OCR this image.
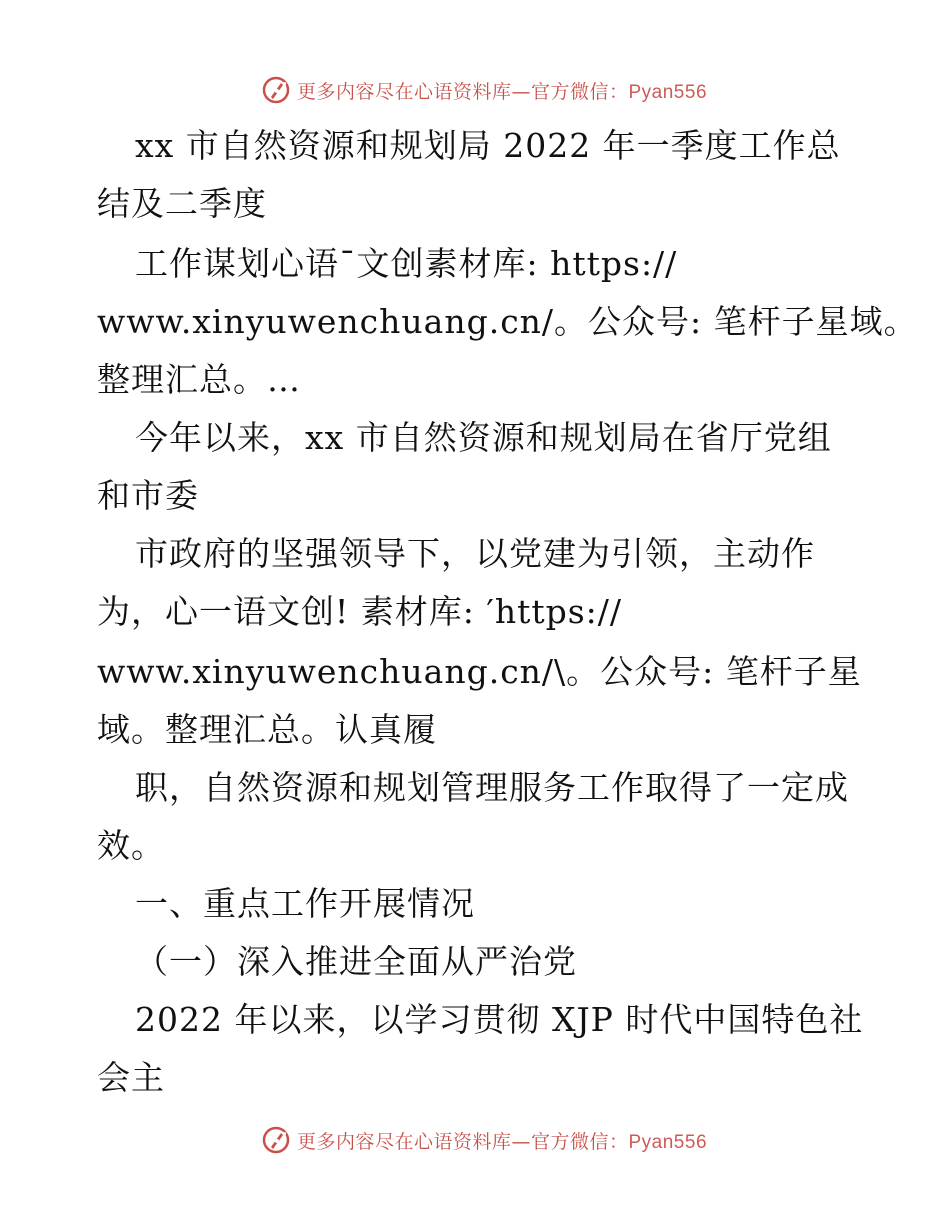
更多内容尽在心语资料库—官方微信：Pyan556
xx 市自然资源和规划局 2022 年一季度工作总
结及二季度
工作谋划心语¯文创素材库: https://
www.xinyuwenchuang.cn/。公众号: 笔杆子星域。
整理汇总。…
今年以来，xx 市自然资源和规划局在省厅党组
和市委
市政府的坚强领导下，以党建为引领，主动作
为，心一语文创! 素材库: ′https://
www.xinyuwenchuang.cn/\。公众号: 笔杆子星
域。整理汇总。认真履
职，自然资源和规划管理服务工作取得了一定成
效。
一、重点工作开展情况
（一）深入推进全面从严治党
2022 年以来，以学习贯彻 XJP 时代中国特色社
会主
更多内容尽在心语资料库—官方微信：Pyan556
